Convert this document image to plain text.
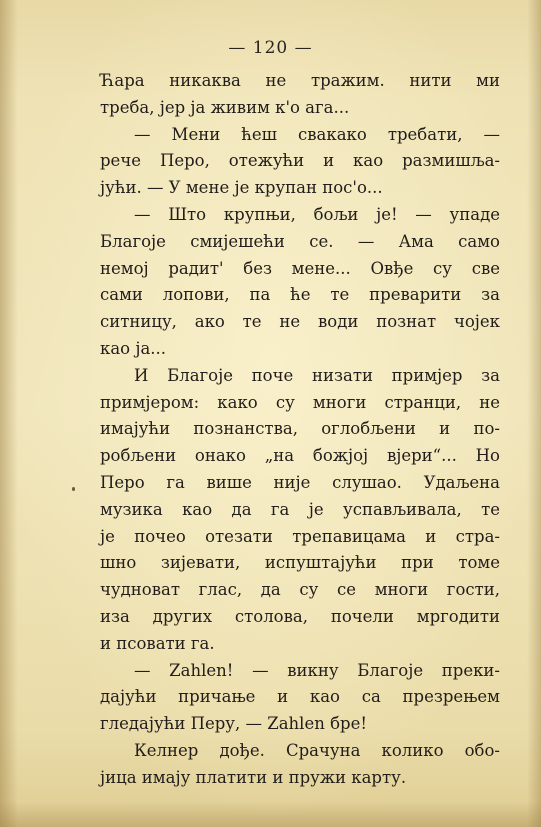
— 120 —
Ћара никаква не тражим. нити ми
треба, јер ја живим к'о ага...
— Мени ћеш свакако требати, —
рече Перо, отежући и као размишља-
јући. — У мене је крупан пос'о...
— Што крупњи, бољи је! — упаде
Благоје смијешећи се. — Ама само
немој радит' без мене... Овђе су све
сами лопови, па ће те преварити за
ситницу, ако те не води познат чојек
као ја...
И Благоје поче низати примјер за
примјером: како су многи странци, не
имајући познанства, оглобљени и по-
робљени онако „на божјој вјери“... Но
Перо га више није слушао. Удаљена
музика као да га је успављивала, те
је почео отезати трепавицама и стра-
шно зијевати, испуштајући при томе
чудноват глас, да су се многи гости,
иза других столова, почели мргодити
и псовати га.
— Zahlen! — викну Благоје преки-
дајући причање и као са презрењем
гледајући Перу, — Zahlen бре!
Келнер дође. Срачуна колико обо-
јица имају платити и пружи карту.
